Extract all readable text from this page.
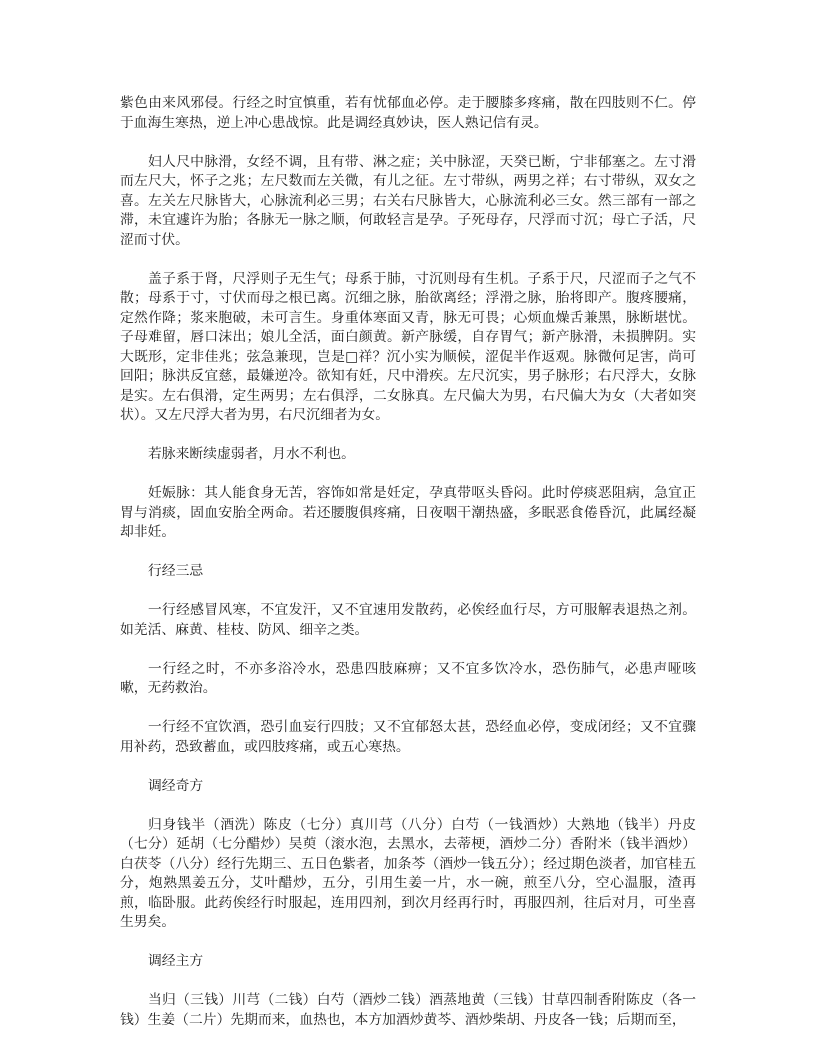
紫色由来风邪侵。行经之时宜慎重，若有忧郁血必停。走于腰膝多疼痛，散在四肢则不仁。停于血海生寒热，逆上冲心患战惊。此是调经真妙诀，医人熟记信有灵。

妇人尺中脉滑，女经不调，且有带、淋之症；关中脉涩，天癸已断，宁非郁塞之。左寸滑而左尺大，怀子之兆；左尺数而左关微，有儿之征。左寸带纵，两男之祥；右寸带纵，双女之喜。左关左尺脉皆大，心脉流利必三男；右关右尺脉皆大，心脉流利必三女。然三部有一部之滞，未宜遽许为胎；各脉无一脉之顺，何敢轻言是孕。子死母存，尺浮而寸沉；母亡子活，尺涩而寸伏。

盖子系于肾，尺浮则子无生气；母系于肺，寸沉则母有生机。子系于尺，尺涩而子之气不散；母系于寸，寸伏而母之根已离。沉细之脉，胎欲离经；浮滑之脉，胎将即产。腹疼腰痛，定然作降；浆来胞破，未可言生。身重体寒面又青，脉无可畏；心烦血燥舌兼黑，脉断堪忧。子母难留，唇口沫出；娘儿全活，面白颜黄。新产脉缓，自存胃气；新产脉滑，未损脾阴。实大既形，定非佳兆；弦急兼现，岂是□祥？沉小实为顺候，涩促半作返观。脉微何足害，尚可回阳；脉洪反宜慈，最嫌逆冷。欲知有妊，尺中滑疾。左尺沉实，男子脉形；右尺浮大，女脉是实。左右俱滑，定生两男；左右俱浮，二女脉真。左尺偏大为男，右尺偏大为女（大者如突状）。又左尺浮大者为男，右尺沉细者为女。

若脉来断续虚弱者，月水不利也。

妊娠脉：其人能食身无苦，容饰如常是妊定，孕真带呕头昏闷。此时停痰恶阻病，急宜正胃与消痰，固血安胎全两命。若还腰腹俱疼痛，日夜咽干潮热盛，多眠恶食倦昏沉，此属经凝却非妊。

行经三忌

一行经感冒风寒，不宜发汗，又不宜速用发散药，必俟经血行尽，方可服解表退热之剂。如羌活、麻黄、桂枝、防风、细辛之类。

一行经之时，不亦多浴冷水，恐患四肢麻痹；又不宜多饮冷水，恐伤肺气，必患声哑咳嗽，无药救治。

一行经不宜饮酒，恐引血妄行四肢；又不宜郁怒太甚，恐经血必停，变成闭经；又不宜骤用补药，恐致蓄血，或四肢疼痛，或五心寒热。

调经奇方

归身钱半（酒洗）陈皮（七分）真川芎（八分）白芍（一钱酒炒）大熟地（钱半）丹皮（七分）延胡（七分醋炒）吴萸（滚水泡，去黑水，去蒂梗，酒炒二分）香附米（钱半酒炒）白茯苓（八分）经行先期三、五日色紫者，加条芩（酒炒一钱五分）；经过期色淡者，加官桂五分，炮熟黑姜五分，艾叶醋炒，五分，引用生姜一片，水一碗，煎至八分，空心温服，渣再煎，临卧服。此药俟经行时服起，连用四剂，到次月经再行时，再服四剂，往后对月，可坐喜生男矣。

调经主方

当归（三钱）川芎（二钱）白芍（酒炒二钱）酒蒸地黄（三钱）甘草四制香附陈皮（各一钱）生姜（二片）先期而来，血热也，本方加酒炒黄芩、酒炒柴胡、丹皮各一钱；后期而至，
